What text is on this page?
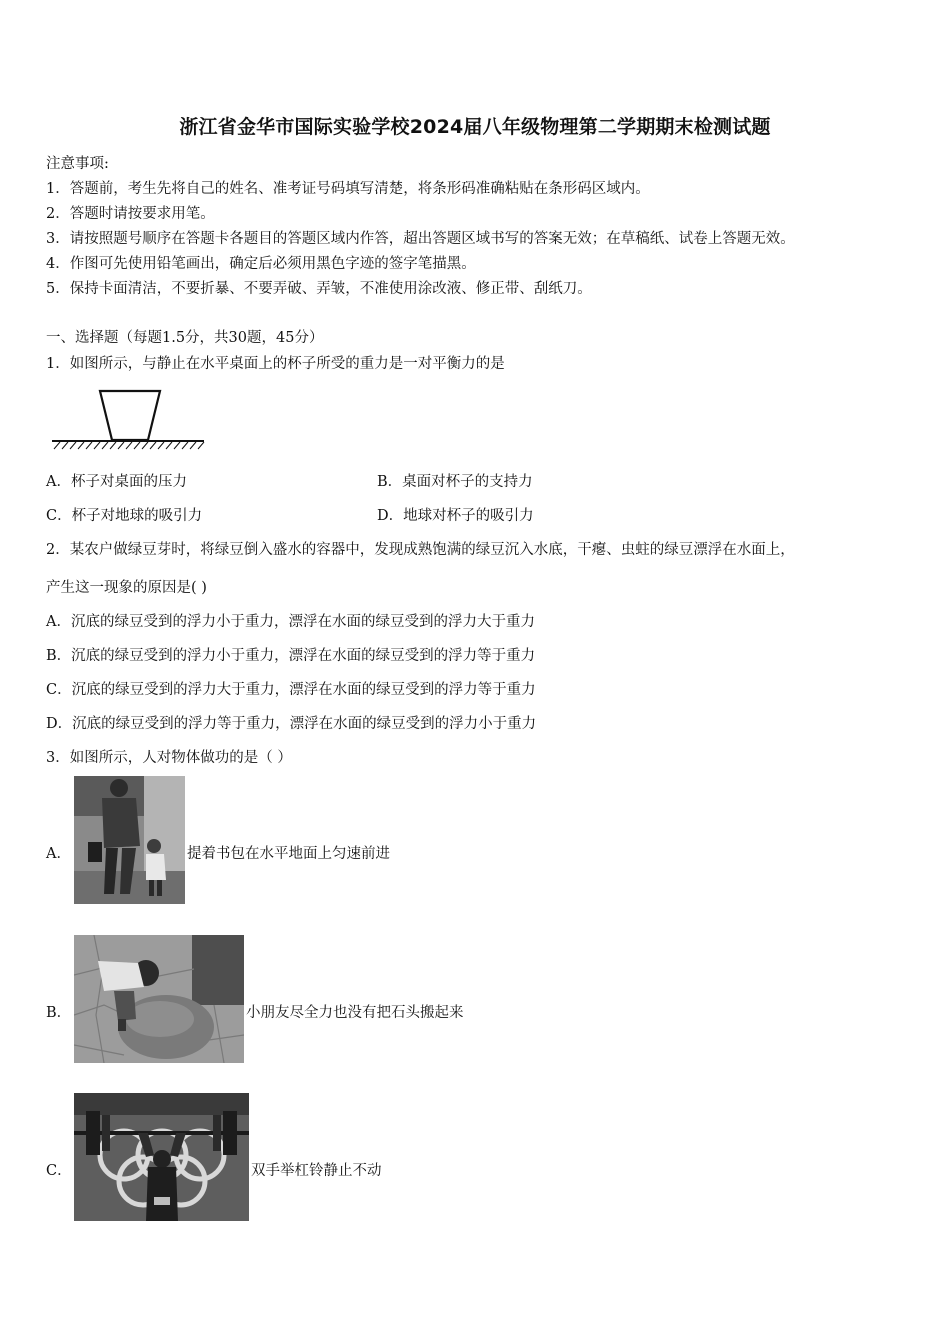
浙江省金华市国际实验学校2024届八年级物理第二学期期末检测试题
注意事项:
1．答题前，考生先将自己的姓名、准考证号码填写清楚，将条形码准确粘贴在条形码区域内。
2．答题时请按要求用笔。
3．请按照题号顺序在答题卡各题目的答题区域内作答，超出答题区域书写的答案无效；在草稿纸、试卷上答题无效。
4．作图可先使用铅笔画出，确定后必须用黑色字迹的签字笔描黑。
5．保持卡面清洁，不要折暴、不要弄破、弄皱，不准使用涂改液、修正带、刮纸刀。
一、选择题（每题1.5分，共30题，45分）
1．如图所示，与静止在水平桌面上的杯子所受的重力是一对平衡力的是
A．杯子对桌面的压力	B．桌面对杯子的支持力
C．杯子对地球的吸引力	D．地球对杯子的吸引力
2．某农户做绿豆芽时，将绿豆倒入盛水的容器中，发现成熟饱满的绿豆沉入水底，干瘪、虫蛀的绿豆漂浮在水面上，
产生这一现象的原因是( )
A．沉底的绿豆受到的浮力小于重力，漂浮在水面的绿豆受到的浮力大于重力
B．沉底的绿豆受到的浮力小于重力，漂浮在水面的绿豆受到的浮力等于重力
C．沉底的绿豆受到的浮力大于重力，漂浮在水面的绿豆受到的浮力等于重力
D．沉底的绿豆受到的浮力等于重力，漂浮在水面的绿豆受到的浮力小于重力
3．如图所示，人对物体做功的是（ ）
A．	提着书包在水平地面上匀速前进
B．	小朋友尽全力也没有把石头搬起来
C．	双手举杠铃静止不动
